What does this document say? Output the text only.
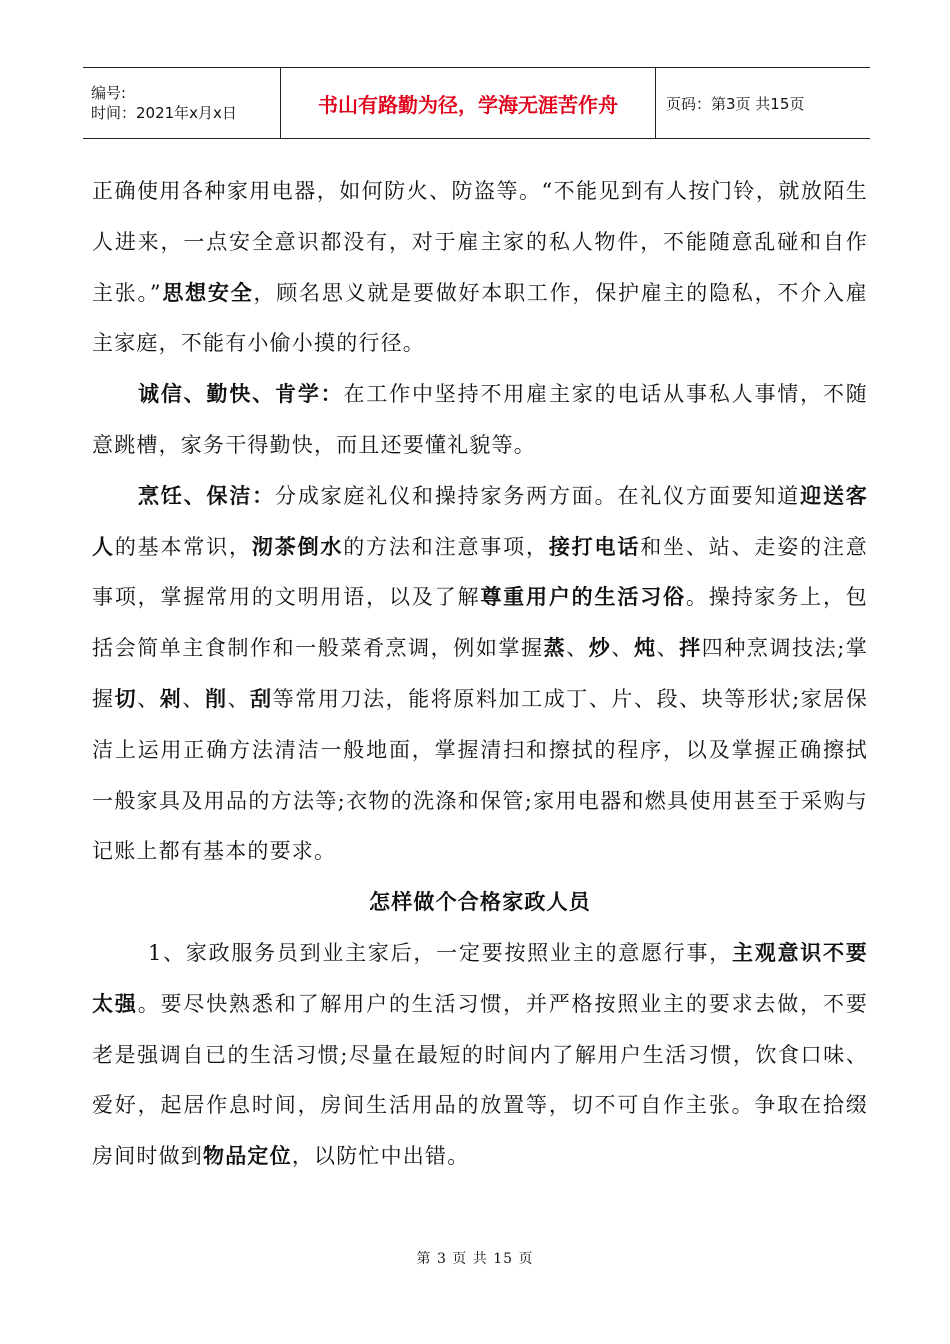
编号:
时间：2021年x月x日	书山有路勤为径，学海无涯苦作舟	页码：第3页 共15页

正确使用各种家用电器，如何防火、防盗等。“不能见到有人按门铃，就放陌生人进来，一点安全意识都没有，对于雇主家的私人物件，不能随意乱碰和自作主张。”思想安全，顾名思义就是要做好本职工作，保护雇主的隐私，不介入雇主家庭，不能有小偷小摸的行径。

诚信、勤快、肯学：在工作中坚持不用雇主家的电话从事私人事情，不随意跳槽，家务干得勤快，而且还要懂礼貌等。

烹饪、保洁：分成家庭礼仪和操持家务两方面。在礼仪方面要知道迎送客人的基本常识，沏茶倒水的方法和注意事项，接打电话和坐、站、走姿的注意事项，掌握常用的文明用语，以及了解尊重用户的生活习俗。操持家务上，包括会简单主食制作和一般菜肴烹调，例如掌握蒸、炒、炖、拌四种烹调技法;掌握切、剁、削、刮等常用刀法，能将原料加工成丁、片、段、块等形状;家居保洁上运用正确方法清洁一般地面，掌握清扫和擦拭的程序，以及掌握正确擦拭一般家具及用品的方法等;衣物的洗涤和保管;家用电器和燃具使用甚至于采购与记账上都有基本的要求。

怎样做个合格家政人员

1、家政服务员到业主家后，一定要按照业主的意愿行事，主观意识不要太强。要尽快熟悉和了解用户的生活习惯，并严格按照业主的要求去做，不要老是强调自已的生活习惯;尽量在最短的时间内了解用户生活习惯，饮食口味、爱好，起居作息时间，房间生活用品的放置等，切不可自作主张。争取在拾缀房间时做到物品定位，以防忙中出错。

第 3 页 共 15 页
